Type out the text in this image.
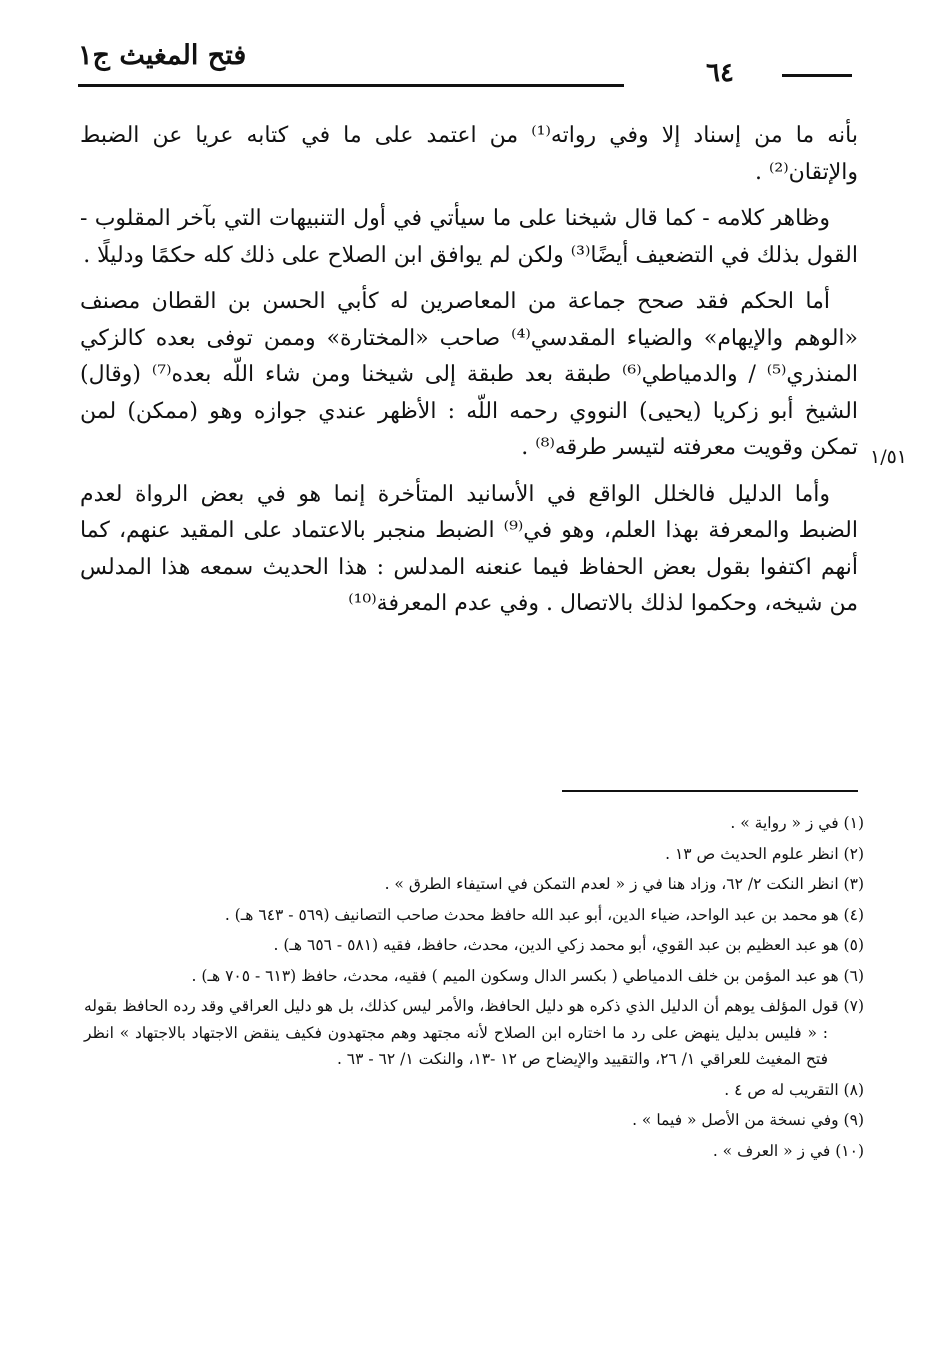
فتح المغيث ج١
٦٤

بأنه ما من إسناد إلا وفي رواته⁽¹⁾ من اعتمد على ما في كتابه عريا عن الضبط والإتقان⁽²⁾ .

وظاهر كلامه - كما قال شيخنا على ما سيأتي في أول التنبيهات التي بآخر المقلوب - القول بذلك في التضعيف أيضًا⁽³⁾ ولكن لم يوافق ابن الصلاح على ذلك كله حكمًا ودليلًا .

أما الحكم فقد صحح جماعة من المعاصرين له كأبي الحسن بن القطان مصنف «الوهم والإيهام» والضياء المقدسي⁽⁴⁾ صاحب «المختارة» وممن توفى بعده كالزكي المنذري⁽⁵⁾ / والدمياطي⁽⁶⁾ طبقة بعد طبقة إلى شيخنا ومن شاء اللّه بعده⁽⁷⁾ (وقال) الشيخ أبو زكريا (يحيى) النووي رحمه اللّه : الأظهر عندي جوازه وهو (ممكن) لمن تمكن وقويت معرفته لتيسر طرقه⁽⁸⁾ .

وأما الدليل فالخلل الواقع في الأسانيد المتأخرة إنما هو في بعض الرواة لعدم الضبط والمعرفة بهذا العلم، وهو في⁽⁹⁾ الضبط منجبر بالاعتماد على المقيد عنهم، كما أنهم اكتفوا بقول بعض الحفاظ فيما عنعنه المدلس : هذا الحديث سمعه هذا المدلس من شيخه، وحكموا لذلك بالاتصال . وفي عدم المعرفة⁽¹⁰⁾

١/٥١
(١) في ز « رواية » .
(٢) انظر علوم الحديث ص ١٣ .
(٣) انظر النكت ٢/ ٦٢، وزاد هنا في ز « لعدم التمكن في استيفاء الطرق » .
(٤) هو محمد بن عبد الواحد، ضياء الدين، أبو عبد الله حافظ محدث صاحب التصانيف (٥٦٩ - ٦٤٣ هـ) .
(٥) هو عبد العظيم بن عبد القوي، أبو محمد زكي الدين، محدث، حافظ، فقيه (٥٨١ - ٦٥٦ هـ) .
(٦) هو عبد المؤمن بن خلف الدمياطي ( بكسر الدال وسكون الميم ) فقيه، محدث، حافظ (٦١٣ - ٧٠٥ هـ) .
(٧) قول المؤلف يوهم أن الدليل الذي ذكره هو دليل الحافظ، والأمر ليس كذلك، بل هو دليل العراقي وقد رده الحافظ بقوله : « فليس بدليل ينهض على رد ما اختاره ابن الصلاح لأنه مجتهد وهم مجتهدون فكيف ينقض الاجتهاد بالاجتهاد » انظر فتح المغيث للعراقي ١/ ٢٦، والتقييد والإيضاح ص ١٢ -١٣، والنكت ١/ ٦٢ - ٦٣ .
(٨) التقريب له ص ٤ .
(٩) وفي نسخة من الأصل « فيما » .
(١٠) في ز « العرف » .
